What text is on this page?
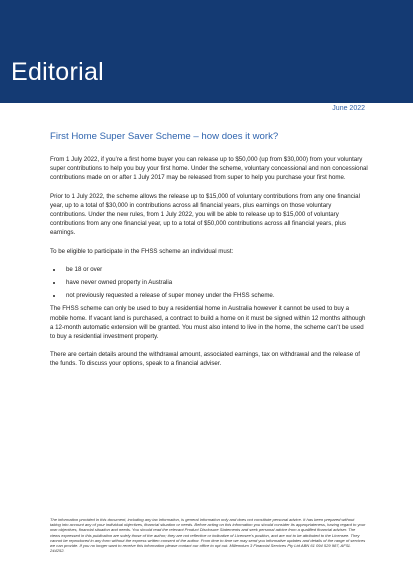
Editorial
June 2022
First Home Super Saver Scheme – how does it work?

From 1 July 2022, if you’re a first home buyer you can release up to $50,000 (up from $30,000) from your voluntary super contributions to help you buy your first home. Under the scheme, voluntary concessional and non concessional contributions made on or after 1 July 2017 may be released from super to help you purchase your first home.

Prior to 1 July 2022, the scheme allows the release up to $15,000 of voluntary contributions from any one financial year, up to a total of $30,000 in contributions across all financial years, plus earnings on those voluntary contributions. Under the new rules, from 1 July 2022, you will be able to release up to $15,000 of voluntary contributions from any one financial year, up to a total of $50,000 contributions across all financial years, plus earnings.

To be eligible to participate in the FHSS scheme an individual must:

• be 18 or over
• have never owned property in Australia
• not previously requested a release of super money under the FHSS scheme.

The FHSS scheme can only be used to buy a residential home in Australia however it cannot be used to buy a mobile home. If vacant land is purchased, a contract to build a home on it must be signed within 12 months although a 12-month automatic extension will be granted. You must also intend to live in the home, the scheme can’t be used to buy a residential investment property.

There are certain details around the withdrawal amount, associated earnings, tax on withdrawal and the release of the funds. To discuss your options, speak to a financial adviser.

The information provided in this document, including any tax information, is general information only and does not constitute personal advice. It has been prepared without taking into account any of your individual objectives, financial situation or needs. Before acting on this information you should consider its appropriateness, having regard to your own objectives, financial situation and needs. You should read the relevant Product Disclosure Statements and seek personal advice from a qualified financial adviser. The views expressed in this publication are solely those of the author; they are not reflective or indicative of Licensee’s position, and are not to be attributed to the Licensee. They cannot be reproduced in any form without the express written consent of the author. From time to time we may send you informative updates and details of the range of services we can provide. If you no longer want to receive this information please contact our office to opt out. Millennium 3 Financial Services Pty Ltd ABN 61 094 529 987, AFSL 244252.
